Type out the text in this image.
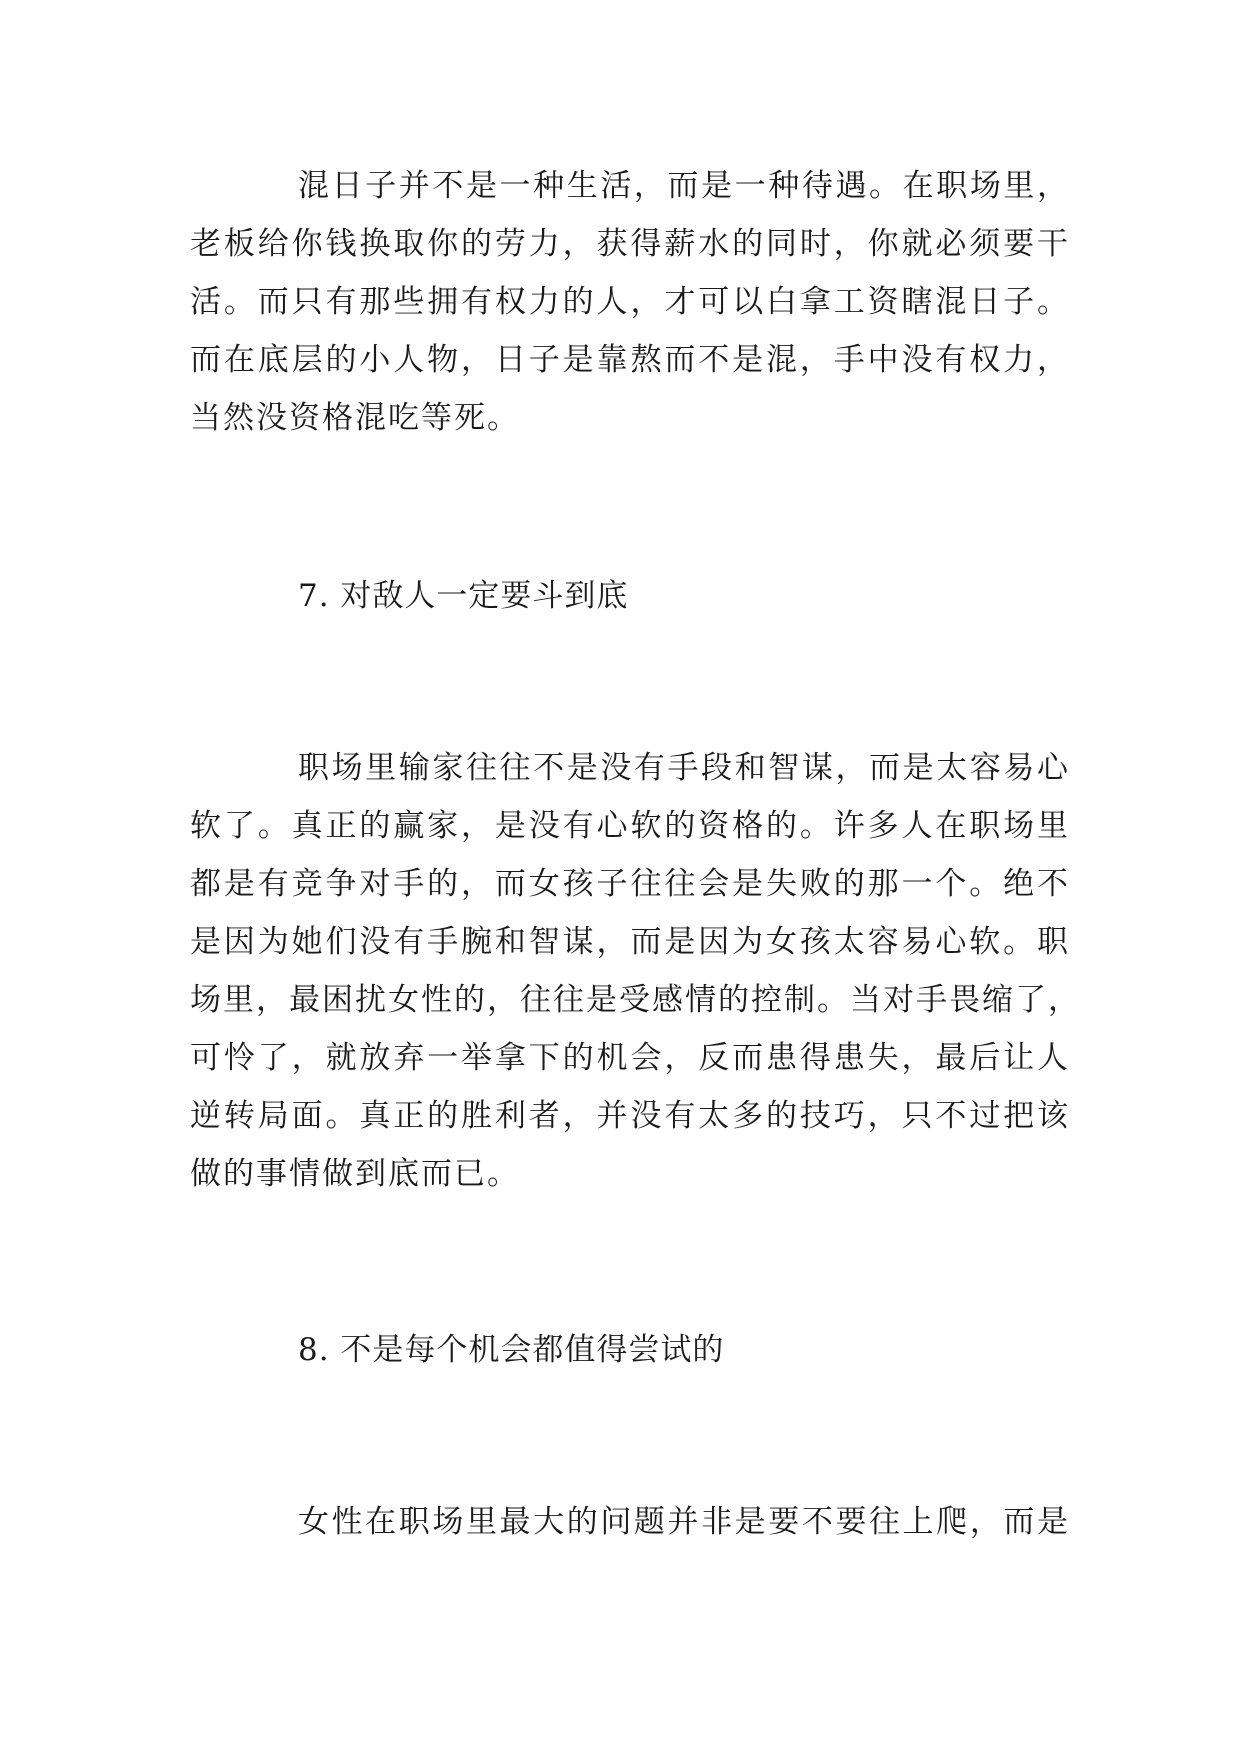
混日子并不是一种生活，而是一种待遇。在职场里，
老板给你钱换取你的劳力，获得薪水的同时，你就必须要干
活。而只有那些拥有权力的人，才可以白拿工资瞎混日子。
而在底层的小人物，日子是靠熬而不是混，手中没有权力，
当然没资格混吃等死。
7. 对敌人一定要斗到底
职场里输家往往不是没有手段和智谋，而是太容易心
软了。真正的赢家，是没有心软的资格的。许多人在职场里
都是有竞争对手的，而女孩子往往会是失败的那一个。绝不
是因为她们没有手腕和智谋，而是因为女孩太容易心软。职
场里，最困扰女性的，往往是受感情的控制。当对手畏缩了，
可怜了，就放弃一举拿下的机会，反而患得患失，最后让人
逆转局面。真正的胜利者，并没有太多的技巧，只不过把该
做的事情做到底而已。
8. 不是每个机会都值得尝试的
女性在职场里最大的问题并非是要不要往上爬，而是
